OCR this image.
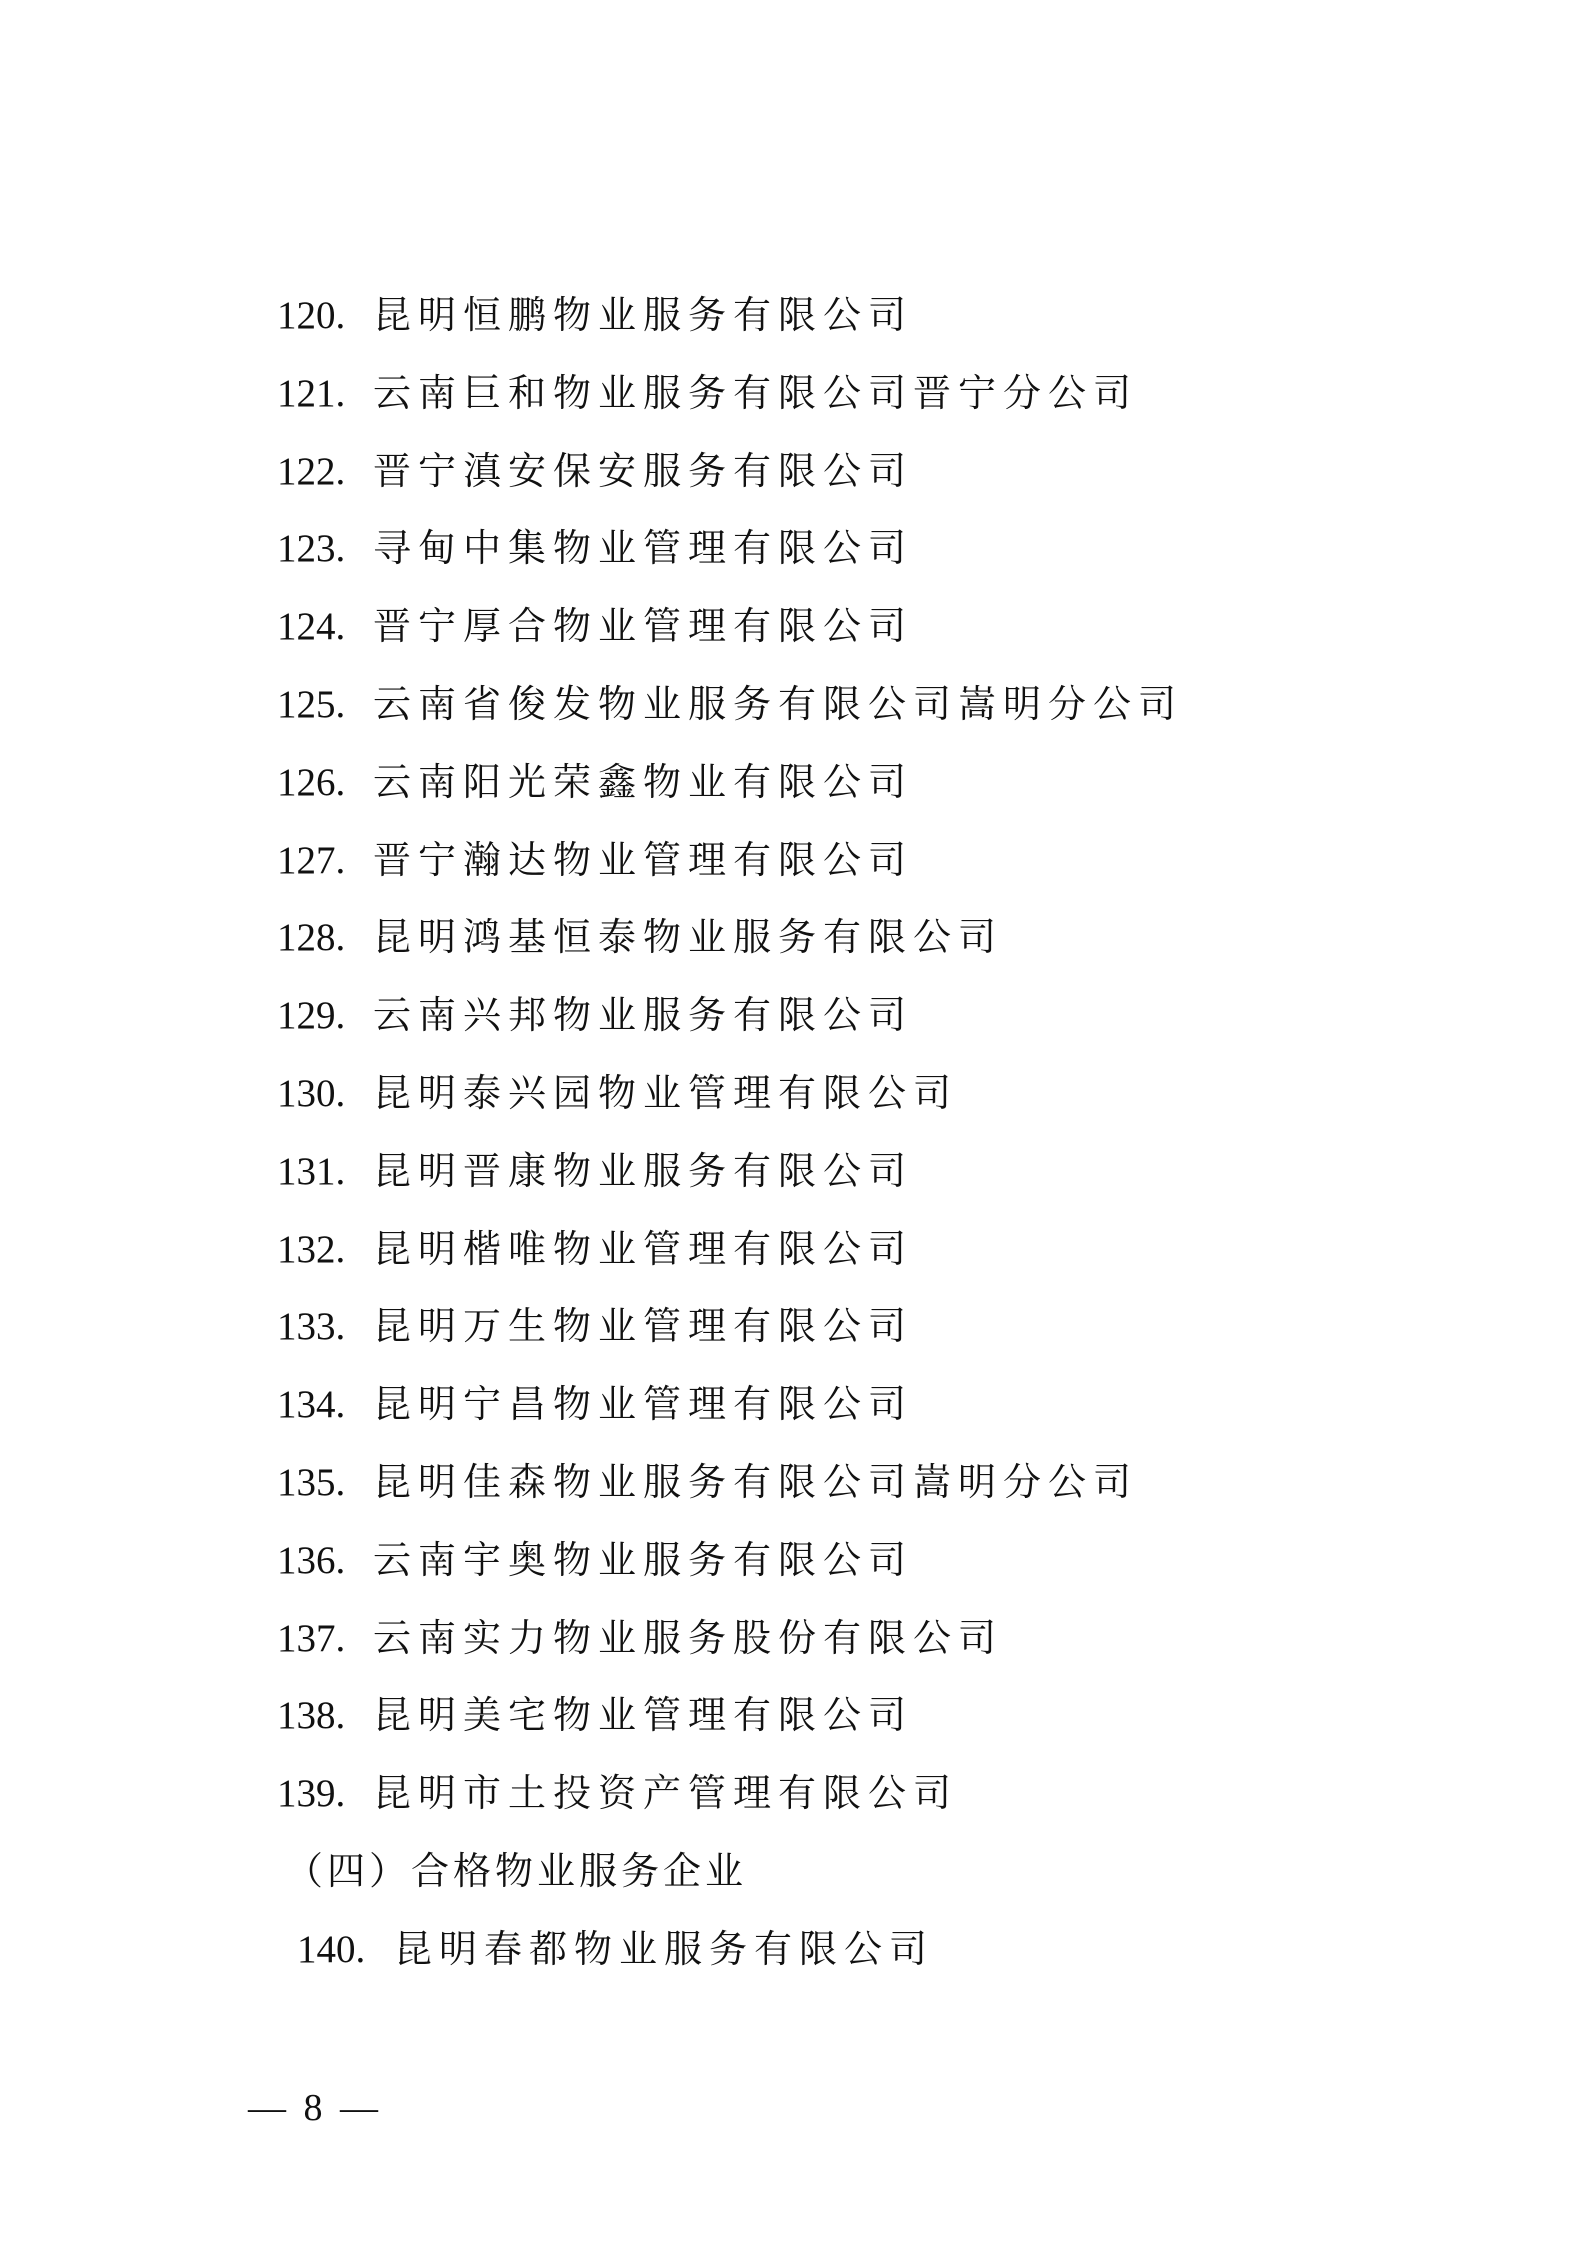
120. 昆明恒鹏物业服务有限公司
121. 云南巨和物业服务有限公司晋宁分公司
122. 晋宁滇安保安服务有限公司
123. 寻甸中集物业管理有限公司
124. 晋宁厚合物业管理有限公司
125. 云南省俊发物业服务有限公司嵩明分公司
126. 云南阳光荣鑫物业有限公司
127. 晋宁瀚达物业管理有限公司
128. 昆明鸿基恒泰物业服务有限公司
129. 云南兴邦物业服务有限公司
130. 昆明泰兴园物业管理有限公司
131. 昆明晋康物业服务有限公司
132. 昆明楷唯物业管理有限公司
133. 昆明万生物业管理有限公司
134. 昆明宁昌物业管理有限公司
135. 昆明佳森物业服务有限公司嵩明分公司
136. 云南宇奥物业服务有限公司
137. 云南实力物业服务股份有限公司
138. 昆明美宅物业管理有限公司
139. 昆明市土投资产管理有限公司
（四）合格物业服务企业
140. 昆明春都物业服务有限公司
— 8 —
